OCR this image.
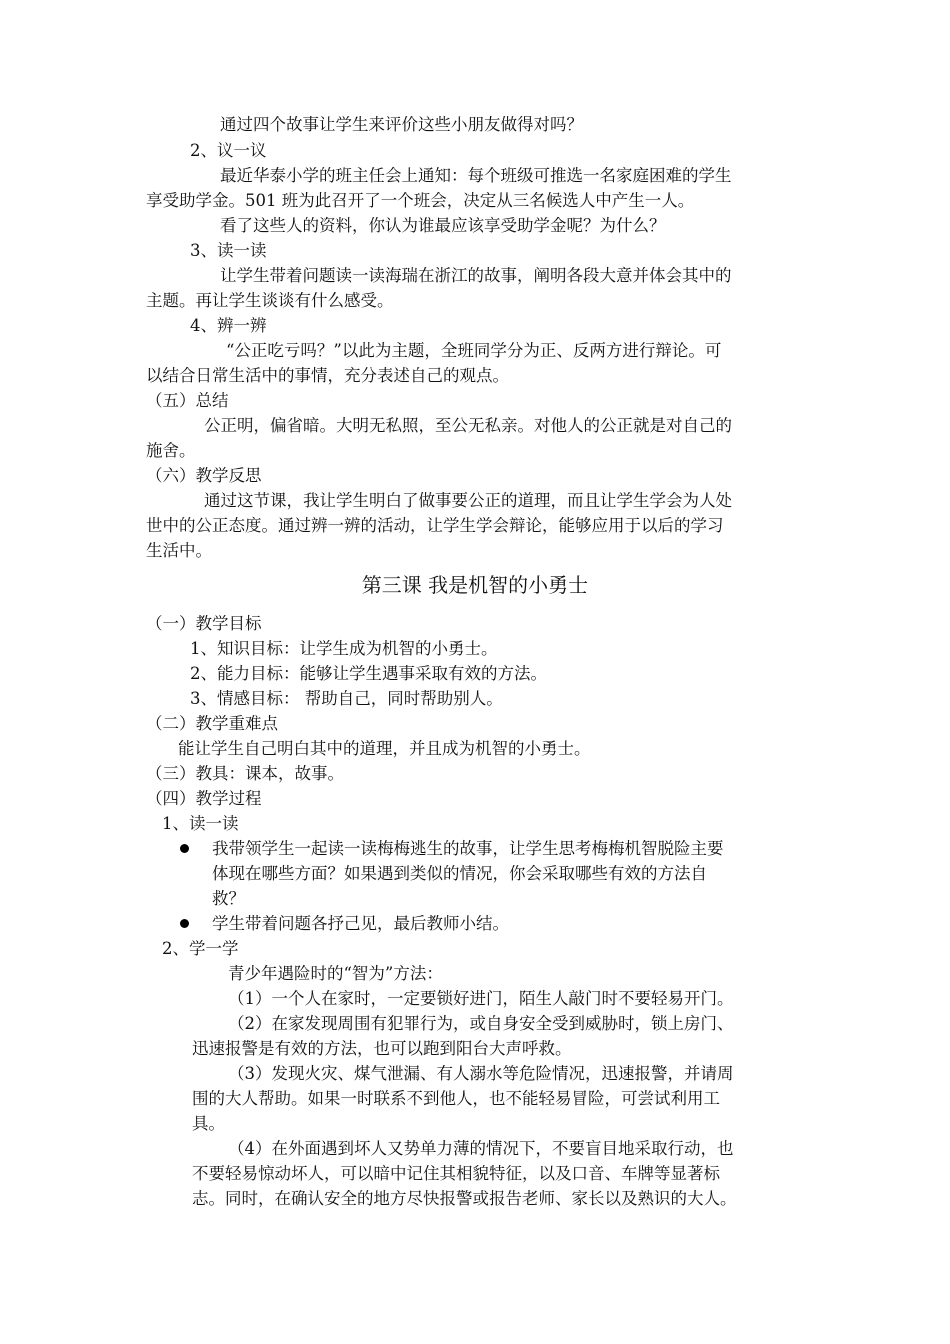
通过四个故事让学生来评价这些小朋友做得对吗？
2、议一议
最近华泰小学的班主任会上通知：每个班级可推选一名家庭困难的学生
享受助学金。501 班为此召开了一个班会，决定从三名候选人中产生一人。
看了这些人的资料，你认为谁最应该享受助学金呢？为什么？
3、读一读
让学生带着问题读一读海瑞在浙江的故事，阐明各段大意并体会其中的
主题。再让学生谈谈有什么感受。
4、辨一辨
“公正吃亏吗？”以此为主题，全班同学分为正、反两方进行辩论。可
以结合日常生活中的事情，充分表述自己的观点。
（五）总结
公正明，偏省暗。大明无私照，至公无私亲。对他人的公正就是对自己的
施舍。
（六）教学反思
通过这节课，我让学生明白了做事要公正的道理，而且让学生学会为人处
世中的公正态度。通过辨一辨的活动，让学生学会辩论，能够应用于以后的学习
生活中。
第三课 我是机智的小勇士
（一）教学目标
1、知识目标：让学生成为机智的小勇士。
2、能力目标：能够让学生遇事采取有效的方法。
3、情感目标： 帮助自己，同时帮助别人。
（二）教学重难点
能让学生自己明白其中的道理，并且成为机智的小勇士。
（三）教具：课本，故事。
（四）教学过程
1、读一读
我带领学生一起读一读梅梅逃生的故事，让学生思考梅梅机智脱险主要
体现在哪些方面？如果遇到类似的情况，你会采取哪些有效的方法自
救？
学生带着问题各抒己见，最后教师小结。
2、学一学
青少年遇险时的“智为”方法：
（1）一个人在家时，一定要锁好进门，陌生人敲门时不要轻易开门。
（2）在家发现周围有犯罪行为，或自身安全受到威胁时，锁上房门、
迅速报警是有效的方法，也可以跑到阳台大声呼救。
（3）发现火灾、煤气泄漏、有人溺水等危险情况，迅速报警，并请周
围的大人帮助。如果一时联系不到他人，也不能轻易冒险，可尝试利用工
具。
（4）在外面遇到坏人又势单力薄的情况下，不要盲目地采取行动，也
不要轻易惊动坏人，可以暗中记住其相貌特征，以及口音、车牌等显著标
志。同时，在确认安全的地方尽快报警或报告老师、家长以及熟识的大人。
